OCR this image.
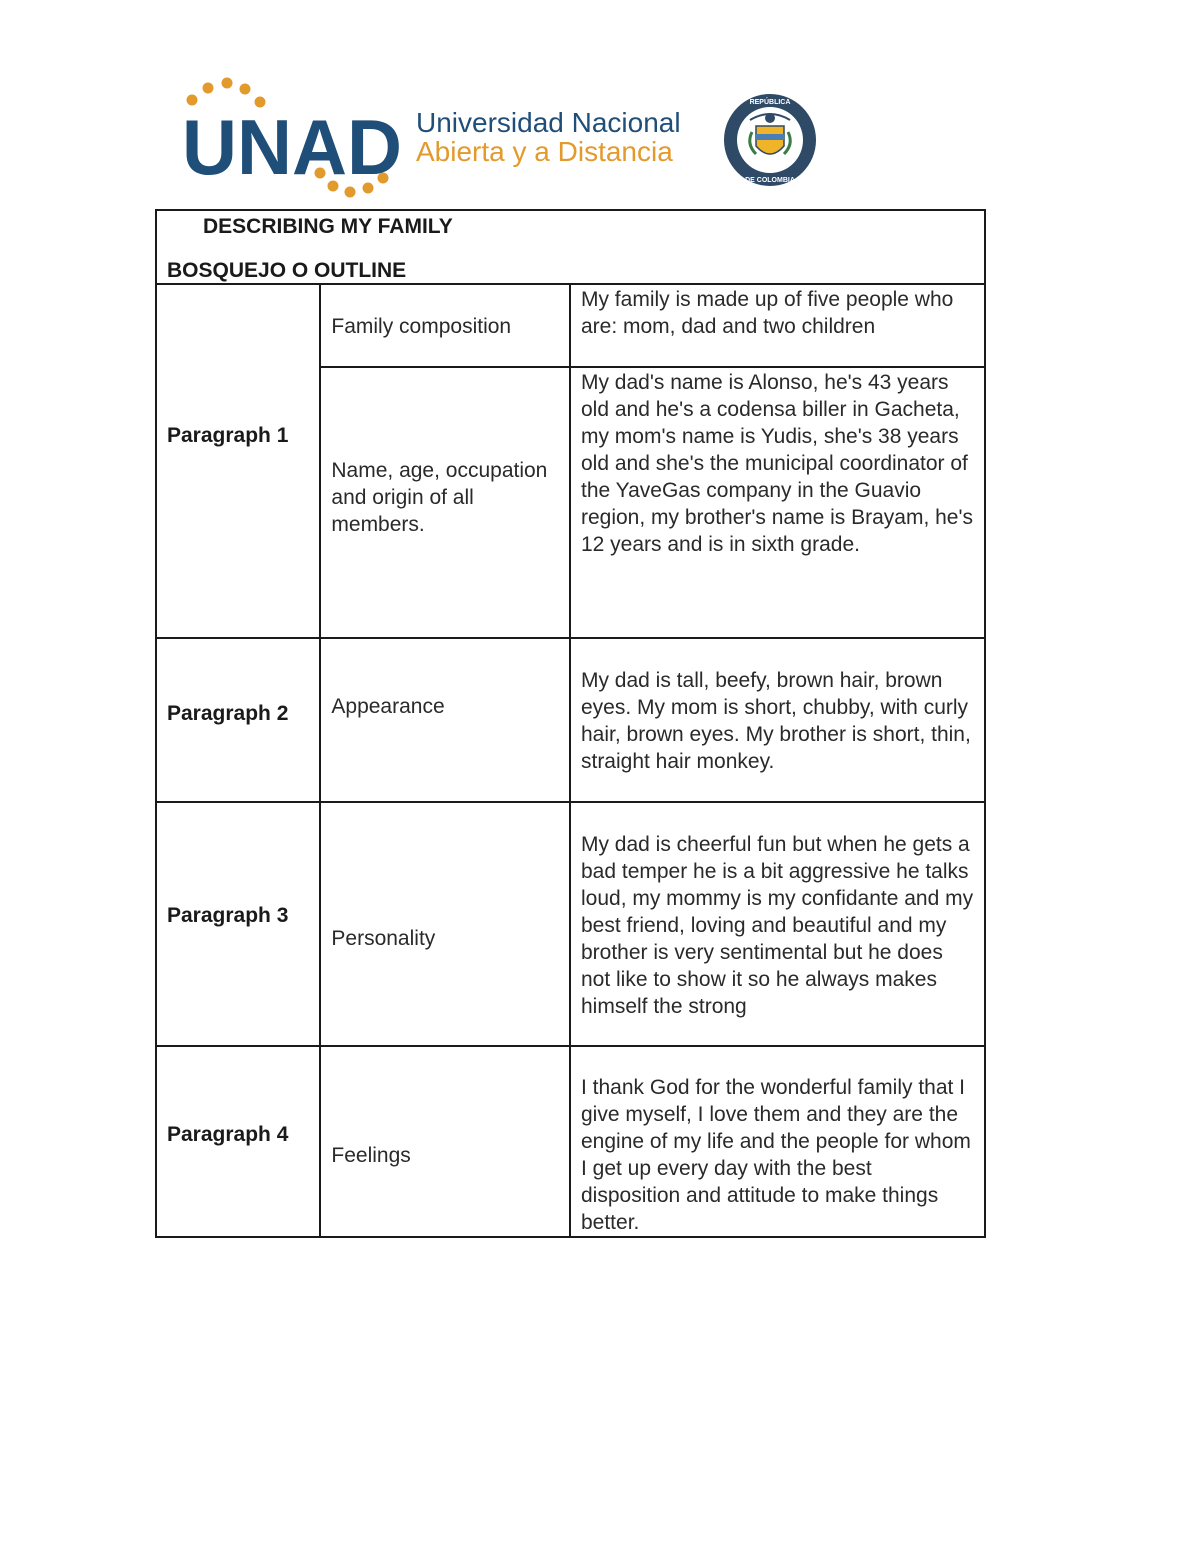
UNAD Universidad Nacional
Abierta y a Distancia
REPÚBLICA
DE COLOMBIA
DESCRIBING MY FAMILY
BOSQUEJO O OUTLINE		

Paragraph 1	Family composition	My family is made up of five people who are: mom, dad and two children

	Name, age, occupation and origin of all members.	My dad's name is Alonso, he's 43 years old and he's a codensa biller in Gacheta, my mom's name is Yudis, she's 38 years old and she's the municipal coordinator of the YaveGas company in the Guavio region, my brother's name is Brayam, he's 12 years and is in sixth grade.

Paragraph 2	Appearance	My dad is tall, beefy, brown hair, brown eyes. My mom is short, chubby, with curly hair, brown eyes. My brother is short, thin, straight hair monkey.

Paragraph 3	Personality	My dad is cheerful fun but when he gets a bad temper he is a bit aggressive he talks loud, my mommy is my confidante and my best friend, loving and beautiful and my brother is very sentimental but he does not like to show it so he always makes himself the strong

Paragraph 4	Feelings	I thank God for the wonderful family that I give myself, I love them and they are the engine of my life and the people for whom I get up every day with the best disposition and attitude to make things better.
